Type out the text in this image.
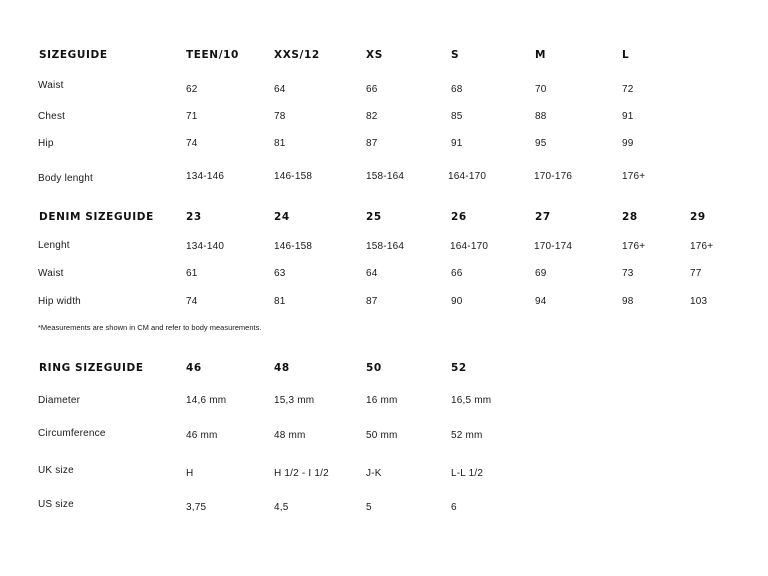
SIZEGUIDE	TEEN/10	XXS/12	XS	S	M	L
Waist	62	64	66	68	70	72
Chest	71	78	82	85	88	91
Hip	74	81	87	91	95	99
Body lenght	134-146	146-158	158-164	164-170	170-176	176+
DENIM SIZEGUIDE	23	24	25	26	27	28	29
Lenght	134-140	146-158	158-164	164-170	170-174	176+	176+
Waist	61	63	64	66	69	73	77
Hip width	74	81	87	90	94	98	103
*Measurements are shown in CM and refer to body measurements.
RING SIZEGUIDE	46	48	50	52
Diameter	14,6 mm	15,3 mm	16 mm	16,5 mm
Circumference	46 mm	48 mm	50 mm	52 mm
UK size	H	H 1/2 - I 1/2	J-K	L-L 1/2
US size	3,75	4,5	5	6
